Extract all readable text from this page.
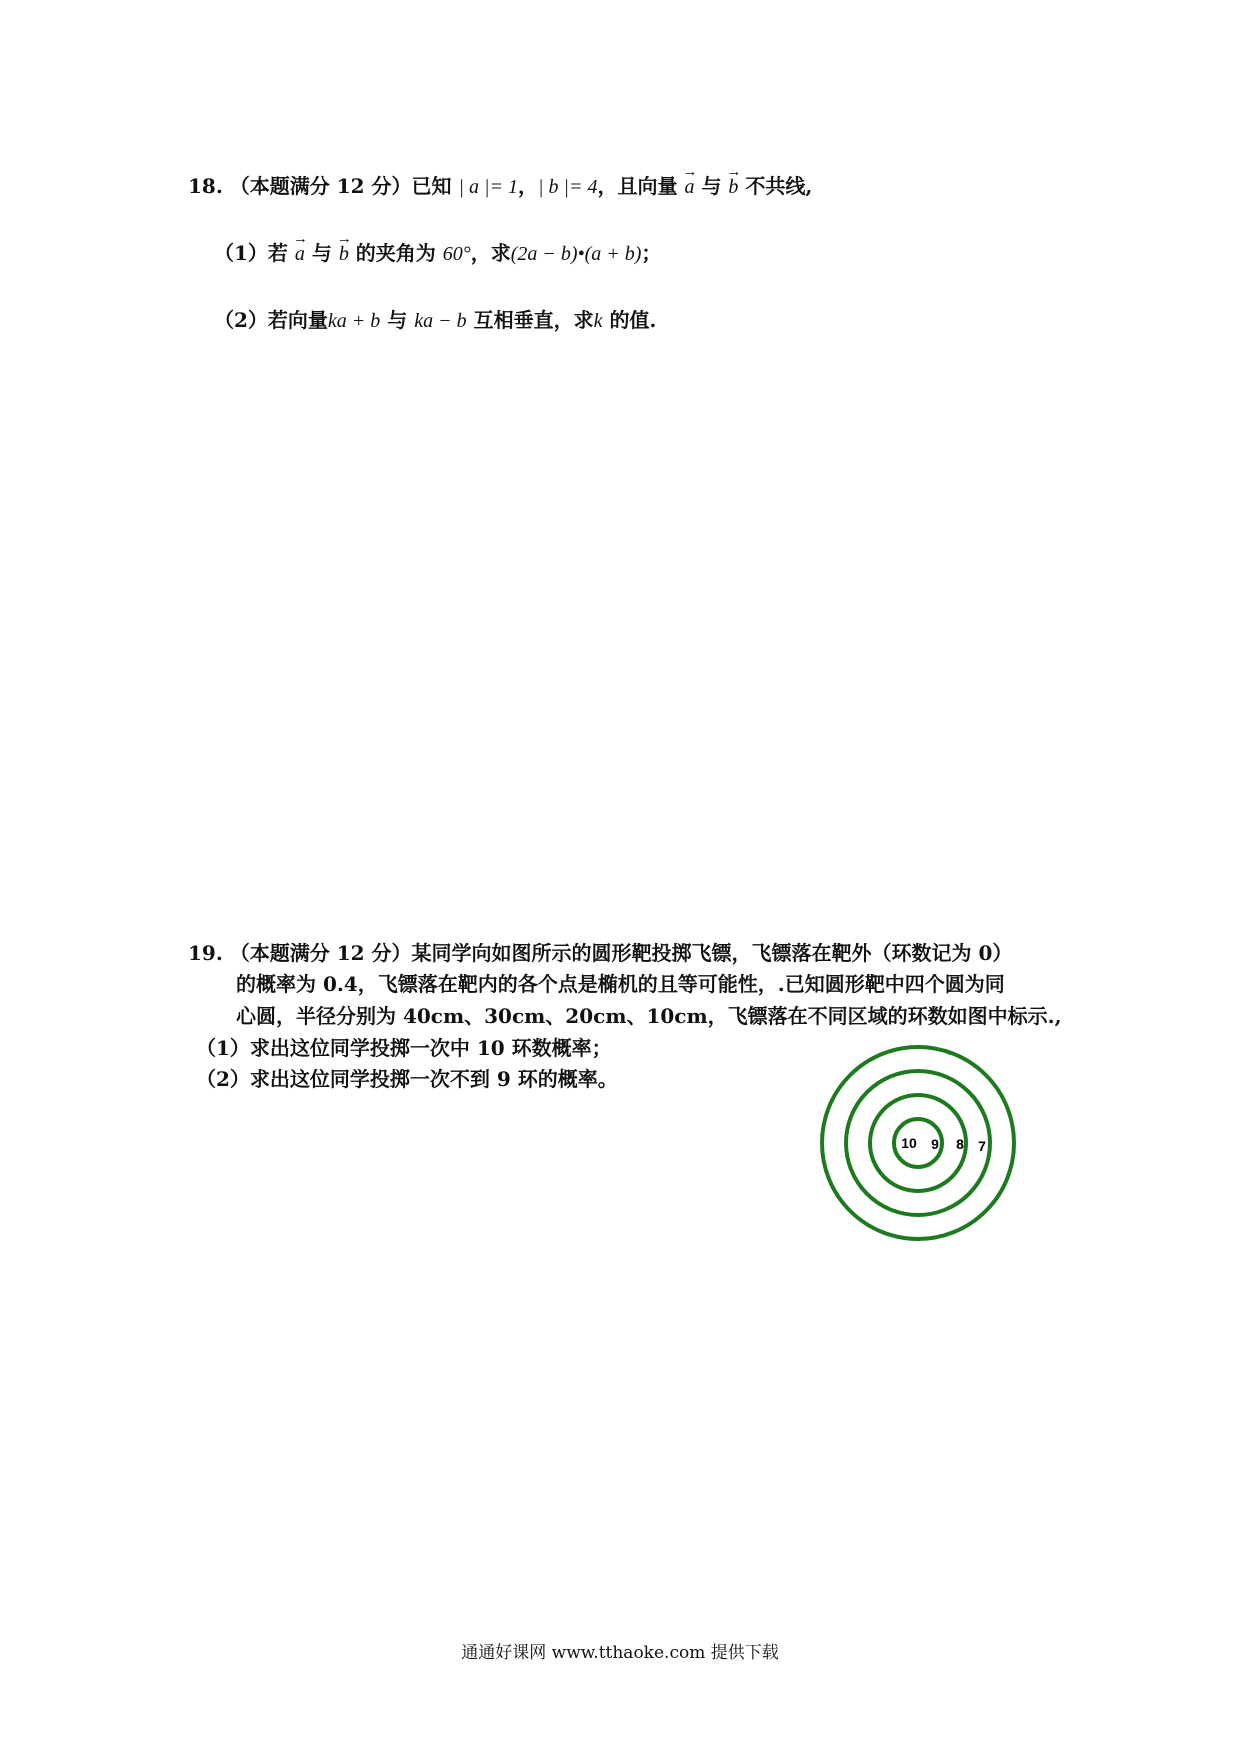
18. （本题满分 12 分）已知 | a |= 1，| b |= 4，且向量 → a 与 → b 不共线,
（1）若 → a 与 → b 的夹角为 60°，求(2a − b)•(a + b)；
（2）若向量ka + b 与 ka − b 互相垂直，求k 的值.
19. （本题满分 12 分）某同学向如图所示的圆形靶投掷飞镖，飞镖落在靶外（环数记为 0）
的概率为 0.4，飞镖落在靶内的各个点是椭机的且等可能性，.已知圆形靶中四个圆为同
心圆，半径分别为 40cm、30cm、20cm、10cm，飞镖落在不同区域的环数如图中标示.,
（1）求出这位同学投掷一次中 10 环数概率；
（2）求出这位同学投掷一次不到 9 环的概率。
10 9 8 7
通通好课网 www.tthaoke.com 提供下载
